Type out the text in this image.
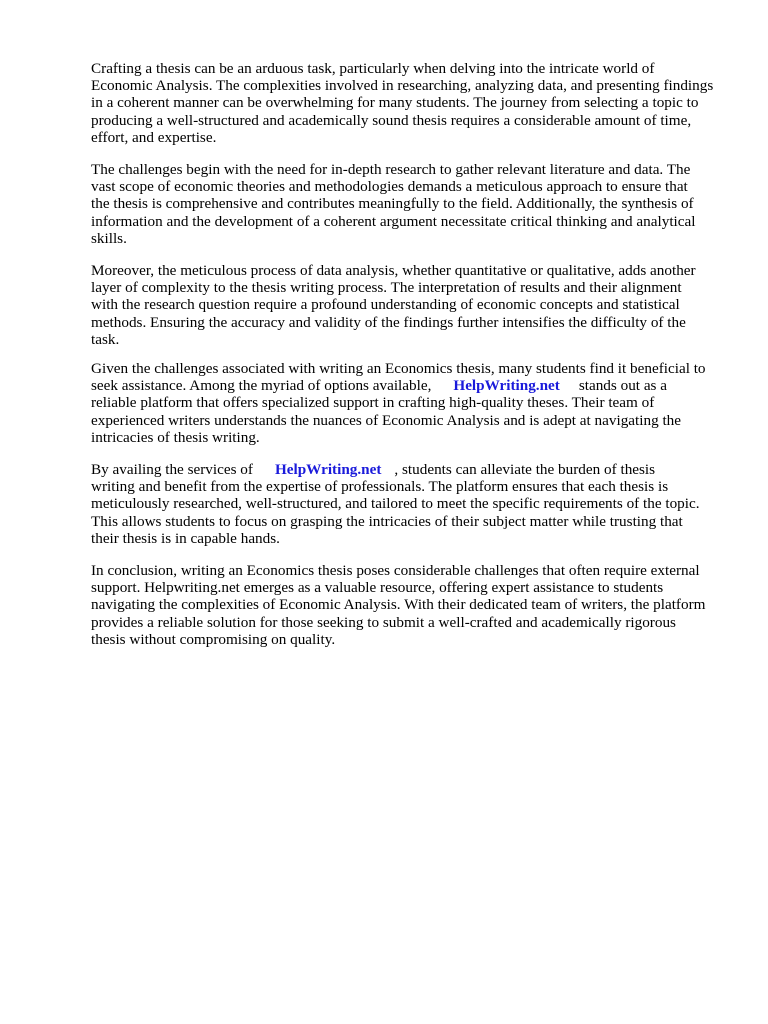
Crafting a thesis can be an arduous task, particularly when delving into the intricate world of
Economic Analysis. The complexities involved in researching, analyzing data, and presenting findings
in a coherent manner can be overwhelming for many students. The journey from selecting a topic to
producing a well-structured and academically sound thesis requires a considerable amount of time,
effort, and expertise.

The challenges begin with the need for in-depth research to gather relevant literature and data. The
vast scope of economic theories and methodologies demands a meticulous approach to ensure that
the thesis is comprehensive and contributes meaningfully to the field. Additionally, the synthesis of
information and the development of a coherent argument necessitate critical thinking and analytical
skills.

Moreover, the meticulous process of data analysis, whether quantitative or qualitative, adds another
layer of complexity to the thesis writing process. The interpretation of results and their alignment
with the research question require a profound understanding of economic concepts and statistical
methods. Ensuring the accuracy and validity of the findings further intensifies the difficulty of the
task.

Given the challenges associated with writing an Economics thesis, many students find it beneficial to
seek assistance. Among the myriad of options available, HelpWriting.net stands out as a
reliable platform that offers specialized support in crafting high-quality theses. Their team of
experienced writers understands the nuances of Economic Analysis and is adept at navigating the
intricacies of thesis writing.

By availing the services of HelpWriting.net , students can alleviate the burden of thesis
writing and benefit from the expertise of professionals. The platform ensures that each thesis is
meticulously researched, well-structured, and tailored to meet the specific requirements of the topic.
This allows students to focus on grasping the intricacies of their subject matter while trusting that
their thesis is in capable hands.

In conclusion, writing an Economics thesis poses considerable challenges that often require external
support. Helpwriting.net emerges as a valuable resource, offering expert assistance to students
navigating the complexities of Economic Analysis. With their dedicated team of writers, the platform
provides a reliable solution for those seeking to submit a well-crafted and academically rigorous
thesis without compromising on quality.
